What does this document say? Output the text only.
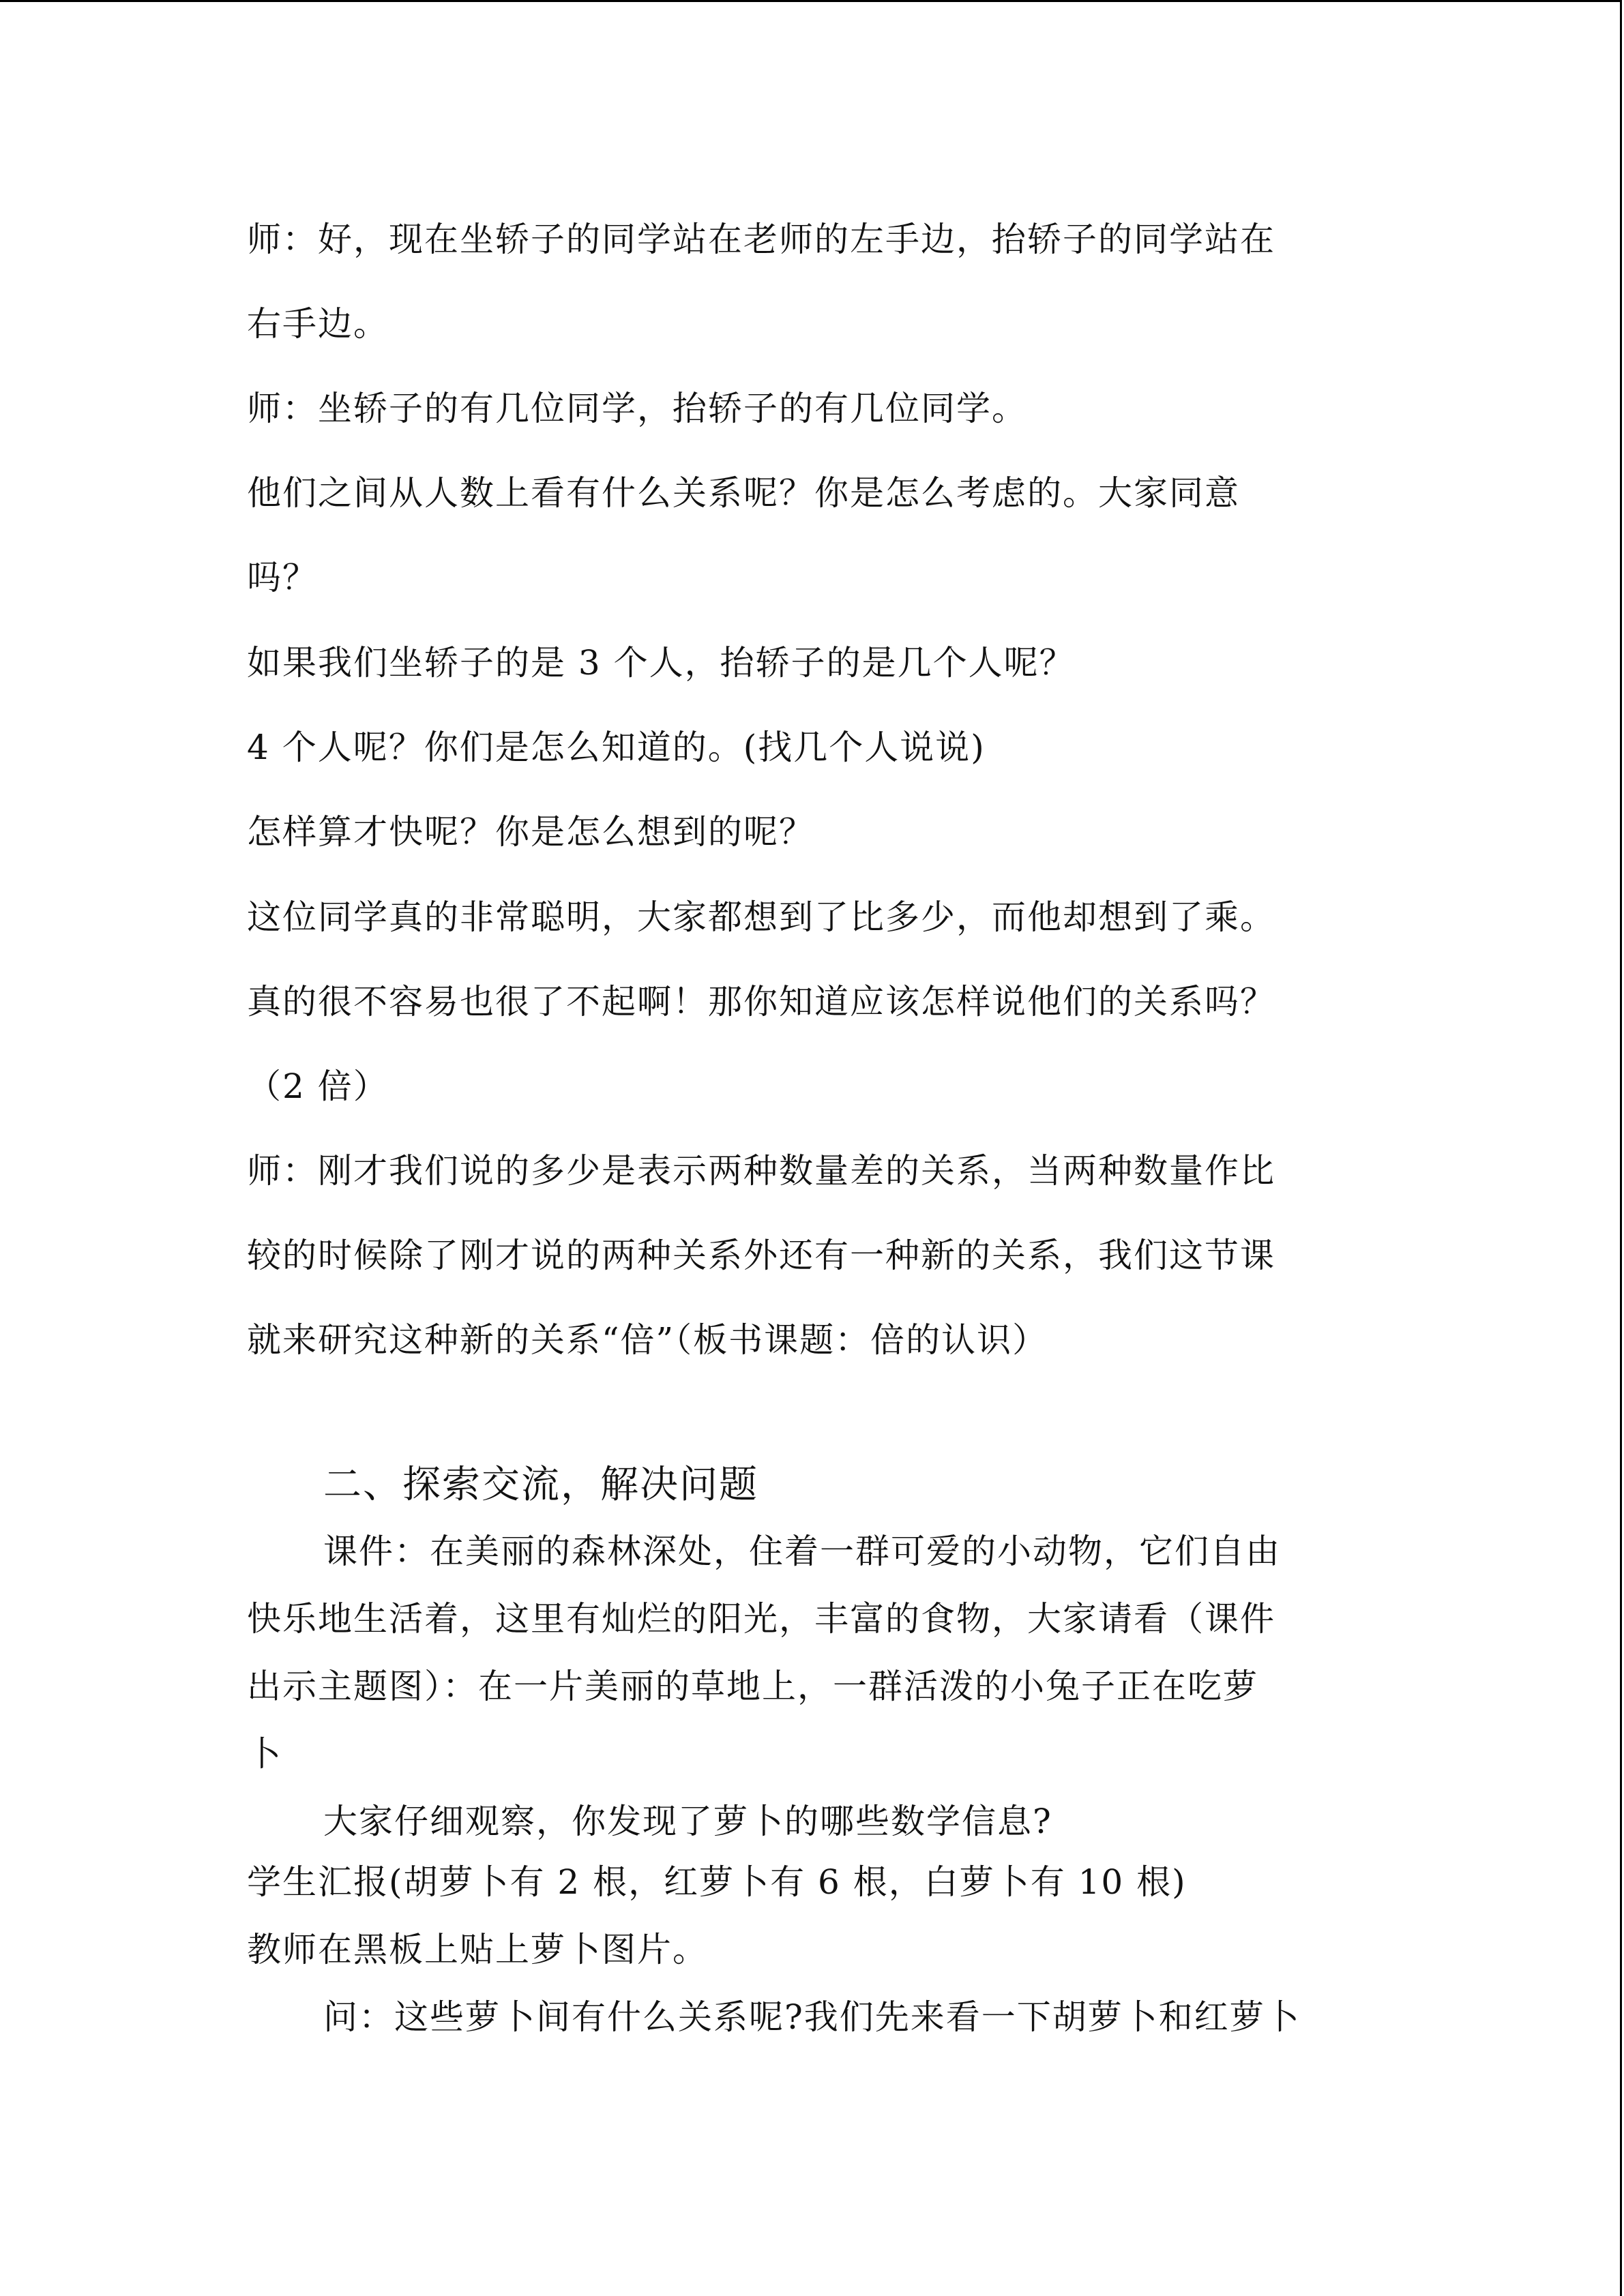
师：好，现在坐轿子的同学站在老师的左手边，抬轿子的同学站在
右手边。
师：坐轿子的有几位同学，抬轿子的有几位同学。
他们之间从人数上看有什么关系呢？你是怎么考虑的。大家同意
吗？
如果我们坐轿子的是 3 个人，抬轿子的是几个人呢？
4 个人呢？你们是怎么知道的。(找几个人说说)
怎样算才快呢？你是怎么想到的呢？
这位同学真的非常聪明，大家都想到了比多少，而他却想到了乘。
真的很不容易也很了不起啊！那你知道应该怎样说他们的关系吗？
（2 倍）
师：刚才我们说的多少是表示两种数量差的关系，当两种数量作比
较的时候除了刚才说的两种关系外还有一种新的关系，我们这节课
就来研究这种新的关系“倍”（板书课题：倍的认识）
二、探索交流，解决问题
课件：在美丽的森林深处，住着一群可爱的小动物，它们自由
快乐地生活着，这里有灿烂的阳光，丰富的食物，大家请看（课件
出示主题图）：在一片美丽的草地上，一群活泼的小兔子正在吃萝
卜
大家仔细观察，你发现了萝卜的哪些数学信息?
学生汇报(胡萝卜有 2 根，红萝卜有 6 根，白萝卜有 10 根)
教师在黑板上贴上萝卜图片。
问：这些萝卜间有什么关系呢?我们先来看一下胡萝卜和红萝卜
